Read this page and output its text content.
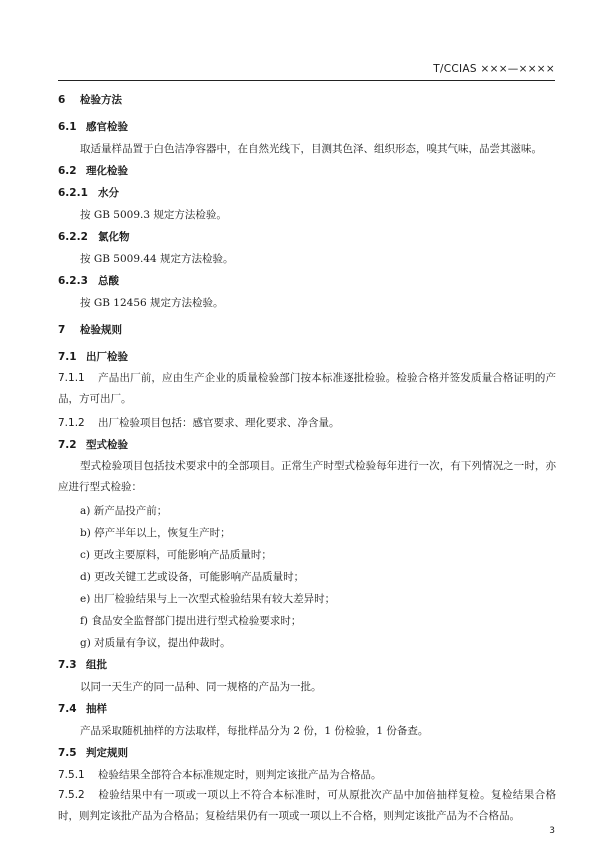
T/CCIAS ×××—××××
6 检验方法
6.1 感官检验
取适量样品置于白色洁净容器中，在自然光线下，目测其色泽、组织形态，嗅其气味，品尝其滋味。
6.2 理化检验
6.2.1 水分
按 GB 5009.3 规定方法检验。
6.2.2 氯化物
按 GB 5009.44 规定方法检验。
6.2.3 总酸
按 GB 12456 规定方法检验。
7 检验规则
7.1 出厂检验
7.1.1 产品出厂前，应由生产企业的质量检验部门按本标准逐批检验。检验合格并签发质量合格证明的产品，方可出厂。
7.1.2 出厂检验项目包括：感官要求、理化要求、净含量。
7.2 型式检验
型式检验项目包括技术要求中的全部项目。正常生产时型式检验每年进行一次，有下列情况之一时，亦应进行型式检验：
a) 新产品投产前；
b) 停产半年以上，恢复生产时；
c) 更改主要原料，可能影响产品质量时；
d) 更改关键工艺或设备，可能影响产品质量时；
e) 出厂检验结果与上一次型式检验结果有较大差异时；
f) 食品安全监督部门提出进行型式检验要求时；
g) 对质量有争议，提出仲裁时。
7.3 组批
以同一天生产的同一品种、同一规格的产品为一批。
7.4 抽样
产品采取随机抽样的方法取样，每批样品分为 2 份，1 份检验，1 份备查。
7.5 判定规则
7.5.1 检验结果全部符合本标准规定时，则判定该批产品为合格品。
7.5.2 检验结果中有一项或一项以上不符合本标准时，可从原批次产品中加倍抽样复检。复检结果合格时，则判定该批产品为合格品；复检结果仍有一项或一项以上不合格，则判定该批产品为不合格品。
3
